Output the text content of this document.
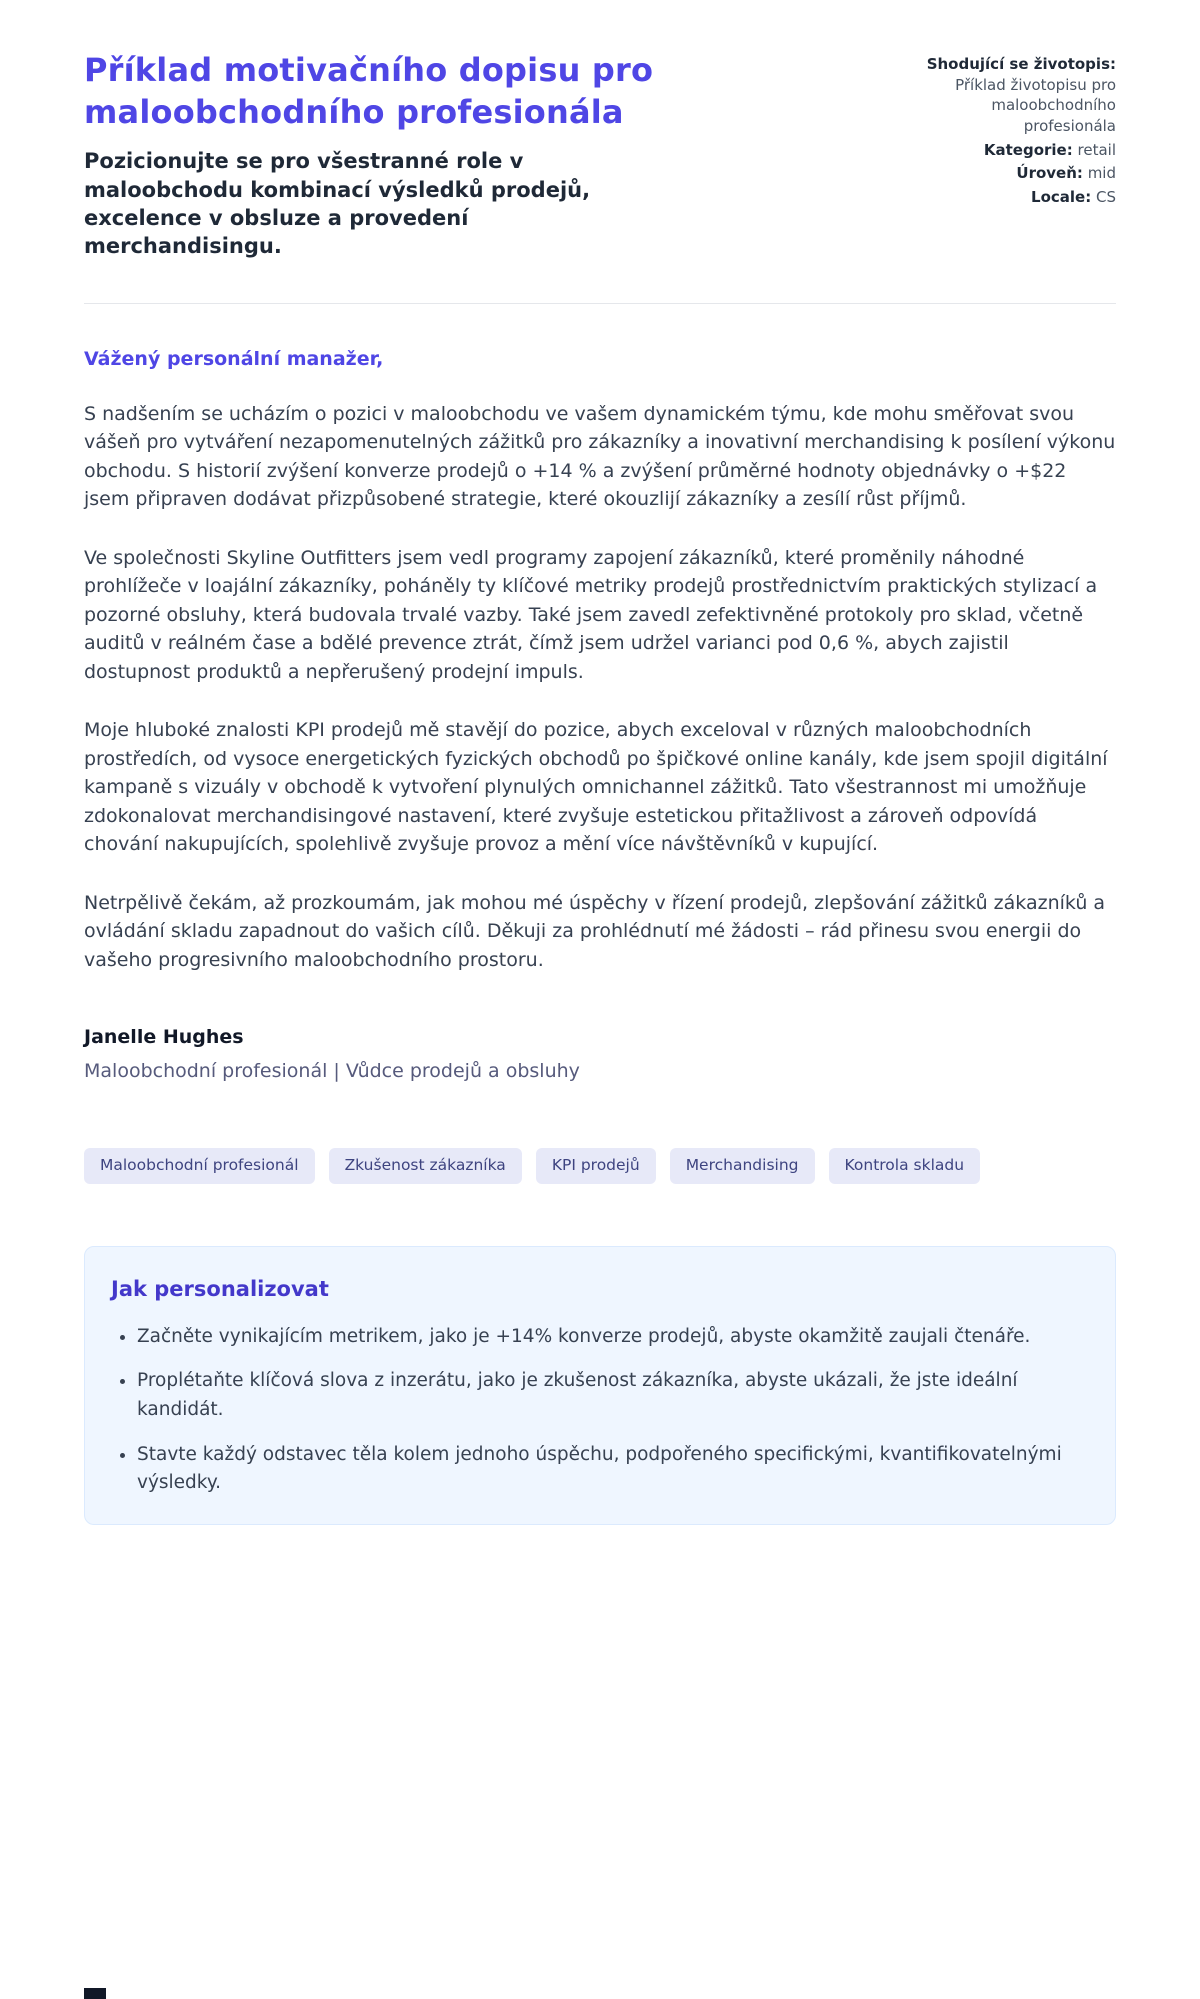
Příklad motivačního dopisu pro maloobchodního profesionála
Pozicionujte se pro všestranné role v maloobchodu kombinací výsledků prodejů, excelence v obsluze a provedení merchandisingu.
Shodující se životopis: Příklad životopisu pro maloobchodního profesionála
Kategorie: retail
Úroveň: mid
Locale: CS

Vážený personální manažer,

S nadšením se ucházím o pozici v maloobchodu ve vašem dynamickém týmu, kde mohu směřovat svou vášeň pro vytváření nezapomenutelných zážitků pro zákazníky a inovativní merchandising k posílení výkonu obchodu. S historií zvýšení konverze prodejů o +14 % a zvýšení průměrné hodnoty objednávky o +$22 jsem připraven dodávat přizpůsobené strategie, které okouzlijí zákazníky a zesílí růst příjmů.

Ve společnosti Skyline Outfitters jsem vedl programy zapojení zákazníků, které proměnily náhodné prohlížeče v loajální zákazníky, poháněly ty klíčové metriky prodejů prostřednictvím praktických stylizací a pozorné obsluhy, která budovala trvalé vazby. Také jsem zavedl zefektivněné protokoly pro sklad, včetně auditů v reálném čase a bdělé prevence ztrát, čímž jsem udržel varianci pod 0,6 %, abych zajistil dostupnost produktů a nepřerušený prodejní impuls.

Moje hluboké znalosti KPI prodejů mě stavějí do pozice, abych exceloval v různých maloobchodních prostředích, od vysoce energetických fyzických obchodů po špičkové online kanály, kde jsem spojil digitální kampaně s vizuály v obchodě k vytvoření plynulých omnichannel zážitků. Tato všestrannost mi umožňuje zdokonalovat merchandisingové nastavení, které zvyšuje estetickou přitažlivost a zároveň odpovídá chování nakupujících, spolehlivě zvyšuje provoz a mění více návštěvníků v kupující.

Netrpělivě čekám, až prozkoumám, jak mohou mé úspěchy v řízení prodejů, zlepšování zážitků zákazníků a ovládání skladu zapadnout do vašich cílů. Děkuji za prohlédnutí mé žádosti – rád přinesu svou energii do vašeho progresivního maloobchodního prostoru.

Janelle Hughes
Maloobchodní profesionál | Vůdce prodejů a obsluhy
Maloobchodní profesionál	Zkušenost zákazníka	KPI prodejů	Merchandising	Kontrola skladu
Jak personalizovat
• Začněte vynikajícím metrikem, jako je +14% konverze prodejů, abyste okamžitě zaujali čtenáře.
• Proplétaňte klíčová slova z inzerátu, jako je zkušenost zákazníka, abyste ukázali, že jste ideální kandidát.
• Stavte každý odstavec těla kolem jednoho úspěchu, podpořeného specifickými, kvantifikovatelnými výsledky.
